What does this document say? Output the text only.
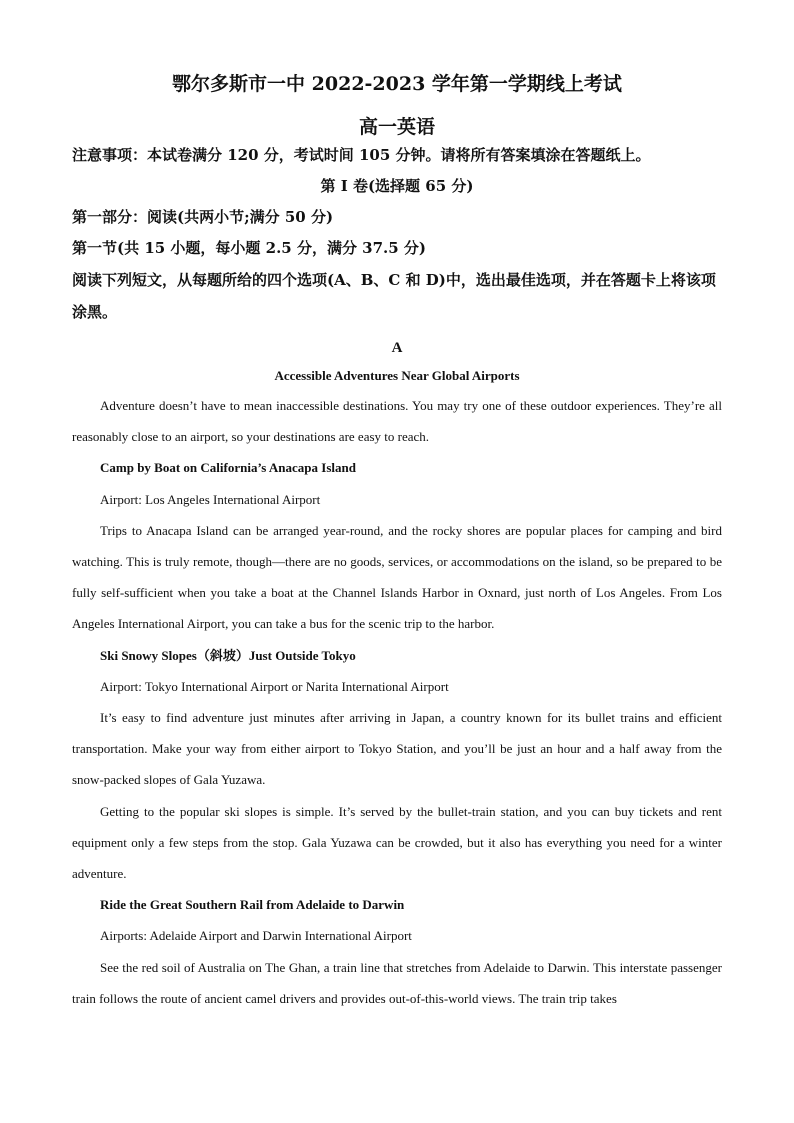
鄂尔多斯市一中 2022-2023 学年第一学期线上考试
高一英语

注意事项：本试卷满分 120 分，考试时间 105 分钟。请将所有答案填涂在答题纸上。

第 I 卷(选择题 65 分)

第一部分：阅读(共两小节;满分 50 分)

第一节(共 15 小题，每小题 2.5 分，满分 37.5 分)

阅读下列短文，从每题所给的四个选项(A、B、C 和 D)中，选出最佳选项，并在答题卡上将该项涂黑。

A
Accessible Adventures Near Global Airports

Adventure doesn’t have to mean inaccessible destinations. You may try one of these outdoor experiences. They’re all reasonably close to an airport, so your destinations are easy to reach.

Camp by Boat on California’s Anacapa Island

Airport: Los Angeles International Airport

Trips to Anacapa Island can be arranged year-round, and the rocky shores are popular places for camping and bird watching. This is truly remote, though—there are no goods, services, or accommodations on the island, so be prepared to be fully self-sufficient when you take a boat at the Channel Islands Harbor in Oxnard, just north of Los Angeles. From Los Angeles International Airport, you can take a bus for the scenic trip to the harbor.

Ski Snowy Slopes（斜坡）Just Outside Tokyo

Airport: Tokyo International Airport or Narita International Airport

It’s easy to find adventure just minutes after arriving in Japan, a country known for its bullet trains and efficient transportation. Make your way from either airport to Tokyo Station, and you’ll be just an hour and a half away from the snow-packed slopes of Gala Yuzawa.

Getting to the popular ski slopes is simple. It’s served by the bullet-train station, and you can buy tickets and rent equipment only a few steps from the stop. Gala Yuzawa can be crowded, but it also has everything you need for a winter adventure.

Ride the Great Southern Rail from Adelaide to Darwin

Airports: Adelaide Airport and Darwin International Airport

See the red soil of Australia on The Ghan, a train line that stretches from Adelaide to Darwin. This interstate passenger train follows the route of ancient camel drivers and provides out-of-this-world views. The train trip takes
